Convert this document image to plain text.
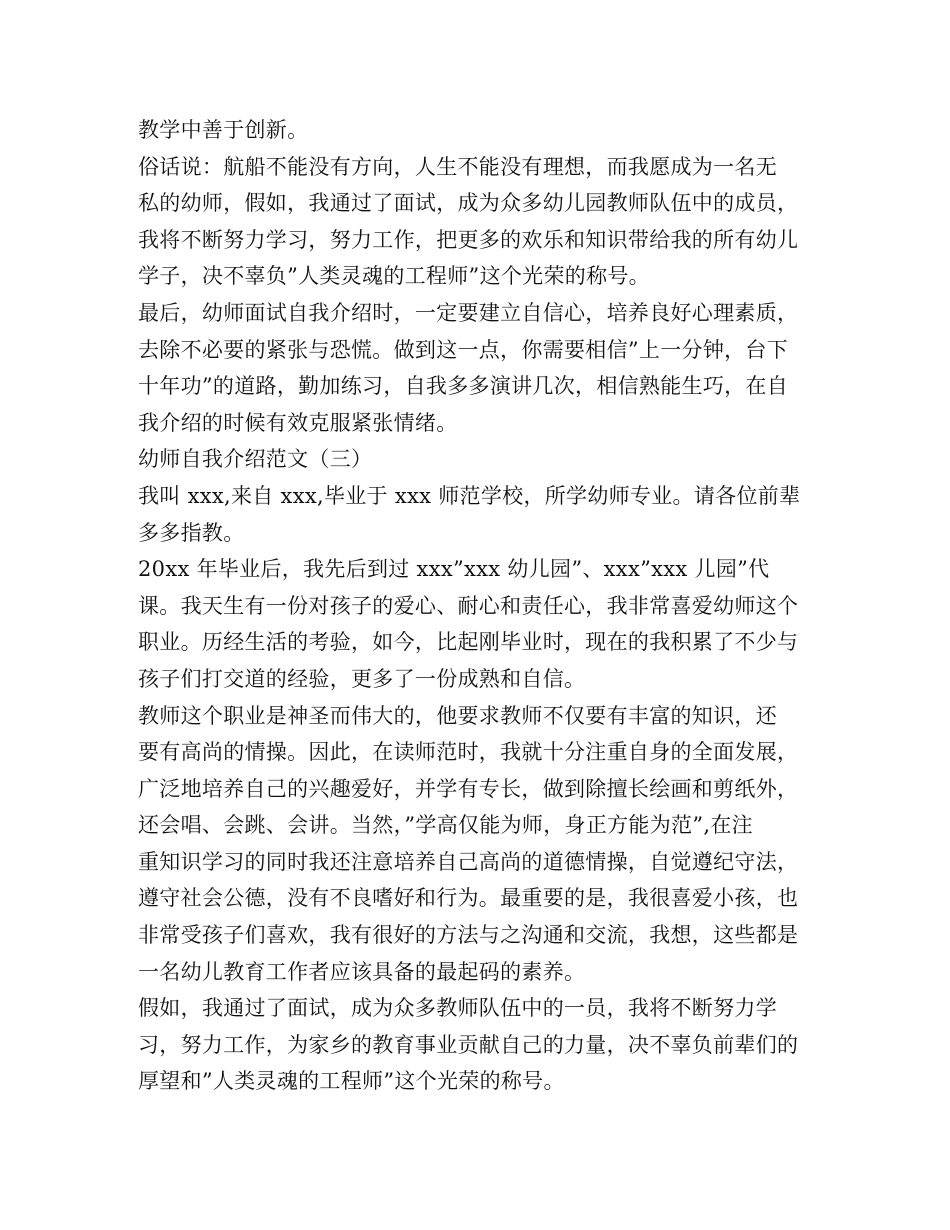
教学中善于创新。
俗话说：航船不能没有方向，人生不能没有理想，而我愿成为一名无
私的幼师，假如，我通过了面试，成为众多幼儿园教师队伍中的成员，
我将不断努力学习，努力工作，把更多的欢乐和知识带给我的所有幼儿
学子，决不辜负”人类灵魂的工程师”这个光荣的称号。
最后，幼师面试自我介绍时，一定要建立自信心，培养良好心理素质，
去除不必要的紧张与恐慌。做到这一点，你需要相信”上一分钟，台下
十年功”的道路，勤加练习，自我多多演讲几次，相信熟能生巧，在自
我介绍的时候有效克服紧张情绪。
幼师自我介绍范文（三）
我叫 xxx,来自 xxx,毕业于 xxx 师范学校，所学幼师专业。请各位前辈
多多指教。
20xx 年毕业后，我先后到过 xxx”xxx 幼儿园”、xxx”xxx 儿园”代
课。我天生有一份对孩子的爱心、耐心和责任心，我非常喜爱幼师这个
职业。历经生活的考验，如今，比起刚毕业时，现在的我积累了不少与
孩子们打交道的经验，更多了一份成熟和自信。
教师这个职业是神圣而伟大的，他要求教师不仅要有丰富的知识，还
要有高尚的情操。因此，在读师范时，我就十分注重自身的全面发展，
广泛地培养自己的兴趣爱好，并学有专长，做到除擅长绘画和剪纸外，
还会唱、会跳、会讲。当然，”学高仅能为师，身正方能为范”,在注
重知识学习的同时我还注意培养自己高尚的道德情操，自觉遵纪守法，
遵守社会公德，没有不良嗜好和行为。最重要的是，我很喜爱小孩，也
非常受孩子们喜欢，我有很好的方法与之沟通和交流，我想，这些都是
一名幼儿教育工作者应该具备的最起码的素养。
假如，我通过了面试，成为众多教师队伍中的一员，我将不断努力学
习，努力工作，为家乡的教育事业贡献自己的力量，决不辜负前辈们的
厚望和”人类灵魂的工程师”这个光荣的称号。
